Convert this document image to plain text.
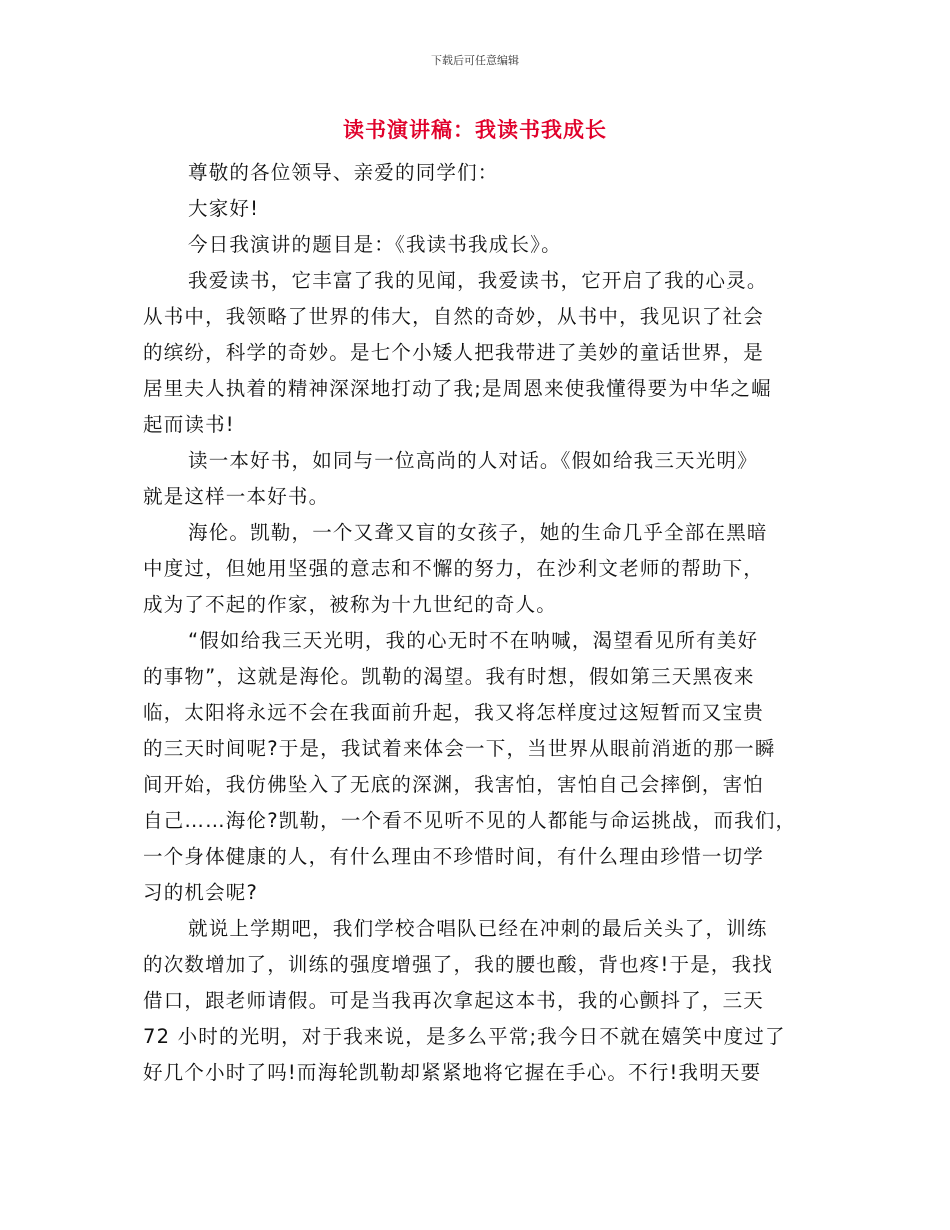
下载后可任意编辑
读书演讲稿：我读书我成长
尊敬的各位领导、亲爱的同学们：
大家好!
今日我演讲的题目是：《我读书我成长》。
我爱读书，它丰富了我的见闻，我爱读书，它开启了我的心灵。
从书中，我领略了世界的伟大，自然的奇妙，从书中，我见识了社会
的缤纷，科学的奇妙。是七个小矮人把我带进了美妙的童话世界，是
居里夫人执着的精神深深地打动了我;是周恩来使我懂得要为中华之崛
起而读书!
读一本好书，如同与一位高尚的人对话。《假如给我三天光明》
就是这样一本好书。
海伦。凯勒，一个又聋又盲的女孩子，她的生命几乎全部在黑暗
中度过，但她用坚强的意志和不懈的努力，在沙利文老师的帮助下，
成为了不起的作家，被称为十九世纪的奇人。
“假如给我三天光明，我的心无时不在呐喊，渴望看见所有美好
的事物”，这就是海伦。凯勒的渴望。我有时想，假如第三天黑夜来
临，太阳将永远不会在我面前升起，我又将怎样度过这短暂而又宝贵
的三天时间呢?于是，我试着来体会一下，当世界从眼前消逝的那一瞬
间开始，我仿佛坠入了无底的深渊，我害怕，害怕自己会摔倒，害怕
自己……海伦?凯勒，一个看不见听不见的人都能与命运挑战，而我们，
一个身体健康的人，有什么理由不珍惜时间，有什么理由珍惜一切学
习的机会呢?
就说上学期吧，我们学校合唱队已经在冲刺的最后关头了，训练
的次数增加了，训练的强度增强了，我的腰也酸，背也疼!于是，我找
借口，跟老师请假。可是当我再次拿起这本书，我的心颤抖了，三天
72 小时的光明，对于我来说，是多么平常;我今日不就在嬉笑中度过了
好几个小时了吗!而海轮凯勒却紧紧地将它握在手心。不行!我明天要
